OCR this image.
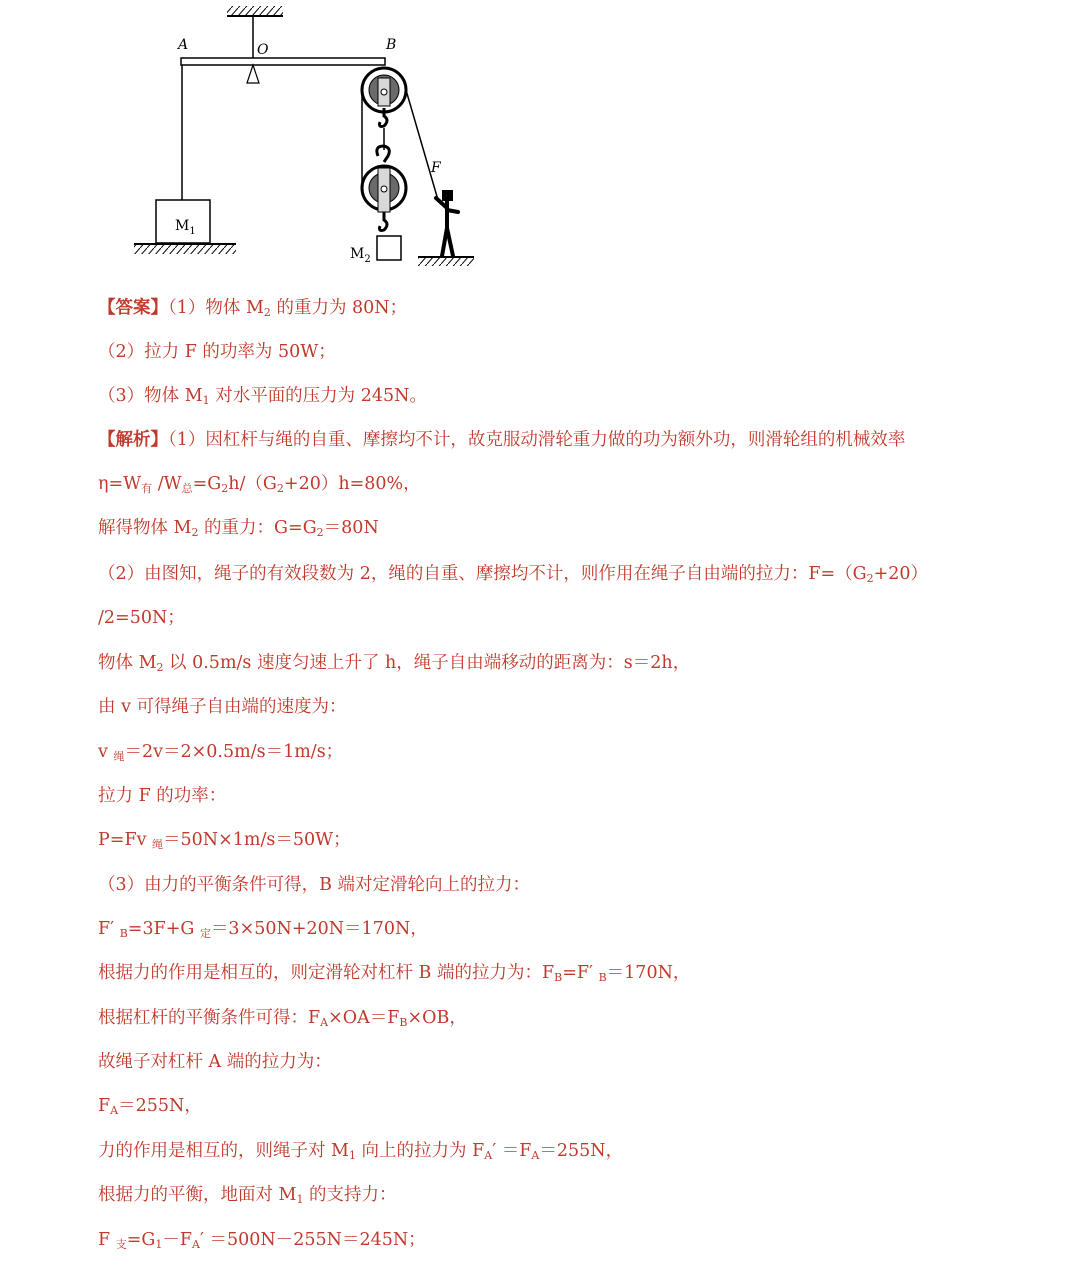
$M_1$
$M_2$
A	O	B
F
【答案】（1）物体 $M_2$ 的重力为 80N；
（2）拉力 F 的功率为 50W；
（3）物体 $M_1$ 对水平面的压力为 245N。
【解析】（1）因杠杆与绳的自重、摩擦均不计，故克服动滑轮重力做的功为额外功，则滑轮组的机械效率
$\eta=W_有$ $/W_总=G_2h/(G_2+20)h=80\%$，
解得物体 $M_2$ 的重力：$G=G_2=80N$
（2）由图知，绳子的有效段数为 2，绳的自重、摩擦均不计，则作用在绳子自由端的拉力：$F=(G_2+20)$
/2=50N；
物体 $M_2$ 以 0.5m/s 速度匀速上升了 h，绳子自由端移动的距离为：s＝2h，
由 v 可得绳子自由端的速度为：
v $_绳$＝2v＝2×0.5m/s＝1m/s；
拉力 F 的功率：
P=Fv $_绳$＝50N×1m/s＝50W；
（3）由力的平衡条件可得，B 端对定滑轮向上的拉力：
F′ $_B$=3F+G $_定$＝3×50N+20N＝170N，
根据力的作用是相互的，则定滑轮对杠杆 B 端的拉力为：$F_B=F'$ $_B$＝170N，
根据杠杆的平衡条件可得：$F_A\times OA=F_B\times OB$，
故绳子对杠杆 A 端的拉力为：
$F_A=255N$，
力的作用是相互的，则绳子对 $M_1$ 向上的拉力为 $F_A' =F_A=255N$，
根据力的平衡，地面对 $M_1$ 的支持力：
F $_支=G_1-F_A' =500N-255N=245N$；
